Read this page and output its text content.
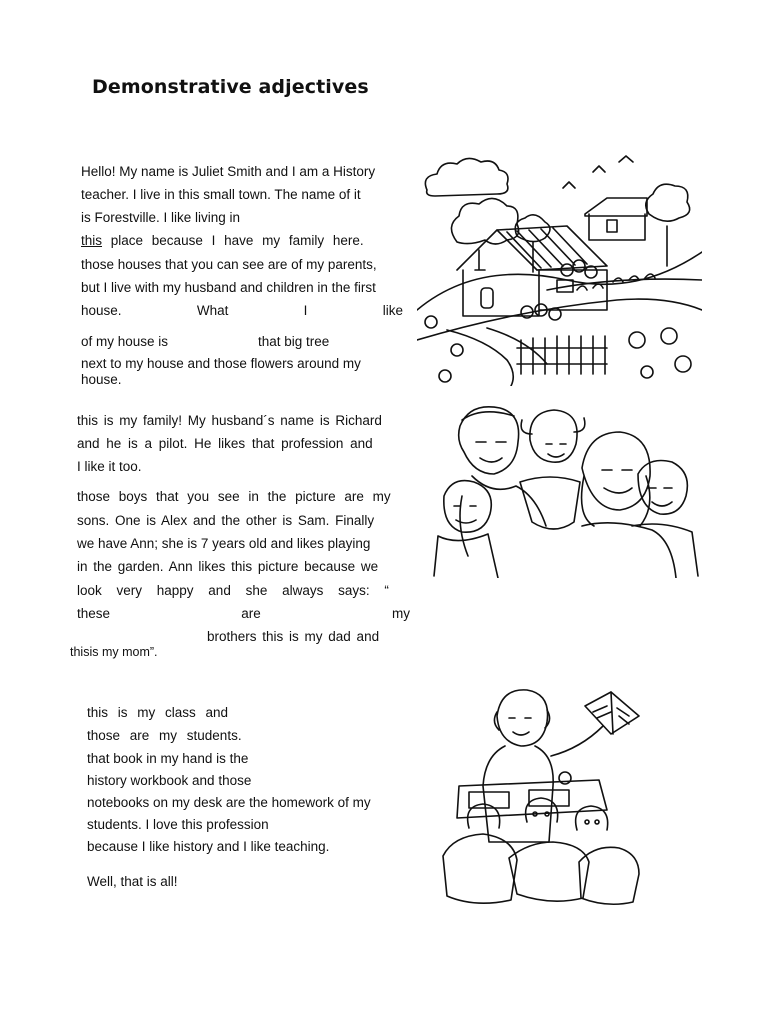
Demonstrative adjectives
Hello! My name is Juliet Smith and I am a History
teacher. I live in this small town. The name of it
is Forestville. I like living in
this place because I have my family here.
those houses that you can see are of my parents,
but I live with my husband and children in the first
house.	What	I	like
of my house is	that big tree
next to my house and those flowers around my
house.
this is my family! My husband´s name is Richard
and he is a pilot. He likes that profession and
I like it too.
those boys that you see in the picture are my
sons. One is Alex and the other is Sam. Finally
we have Ann; she is 7 years old and likes playing
in the garden. Ann likes this picture because we
look very happy and she always says: “
these	are	my
brothers this is my dad and
thisis my mom”.
this is my class and
those are my students.
that book in my hand is the
history workbook and those
notebooks on my desk are the homework of my
students. I love this profession
because I like history and I like teaching.
Well, that is all!
